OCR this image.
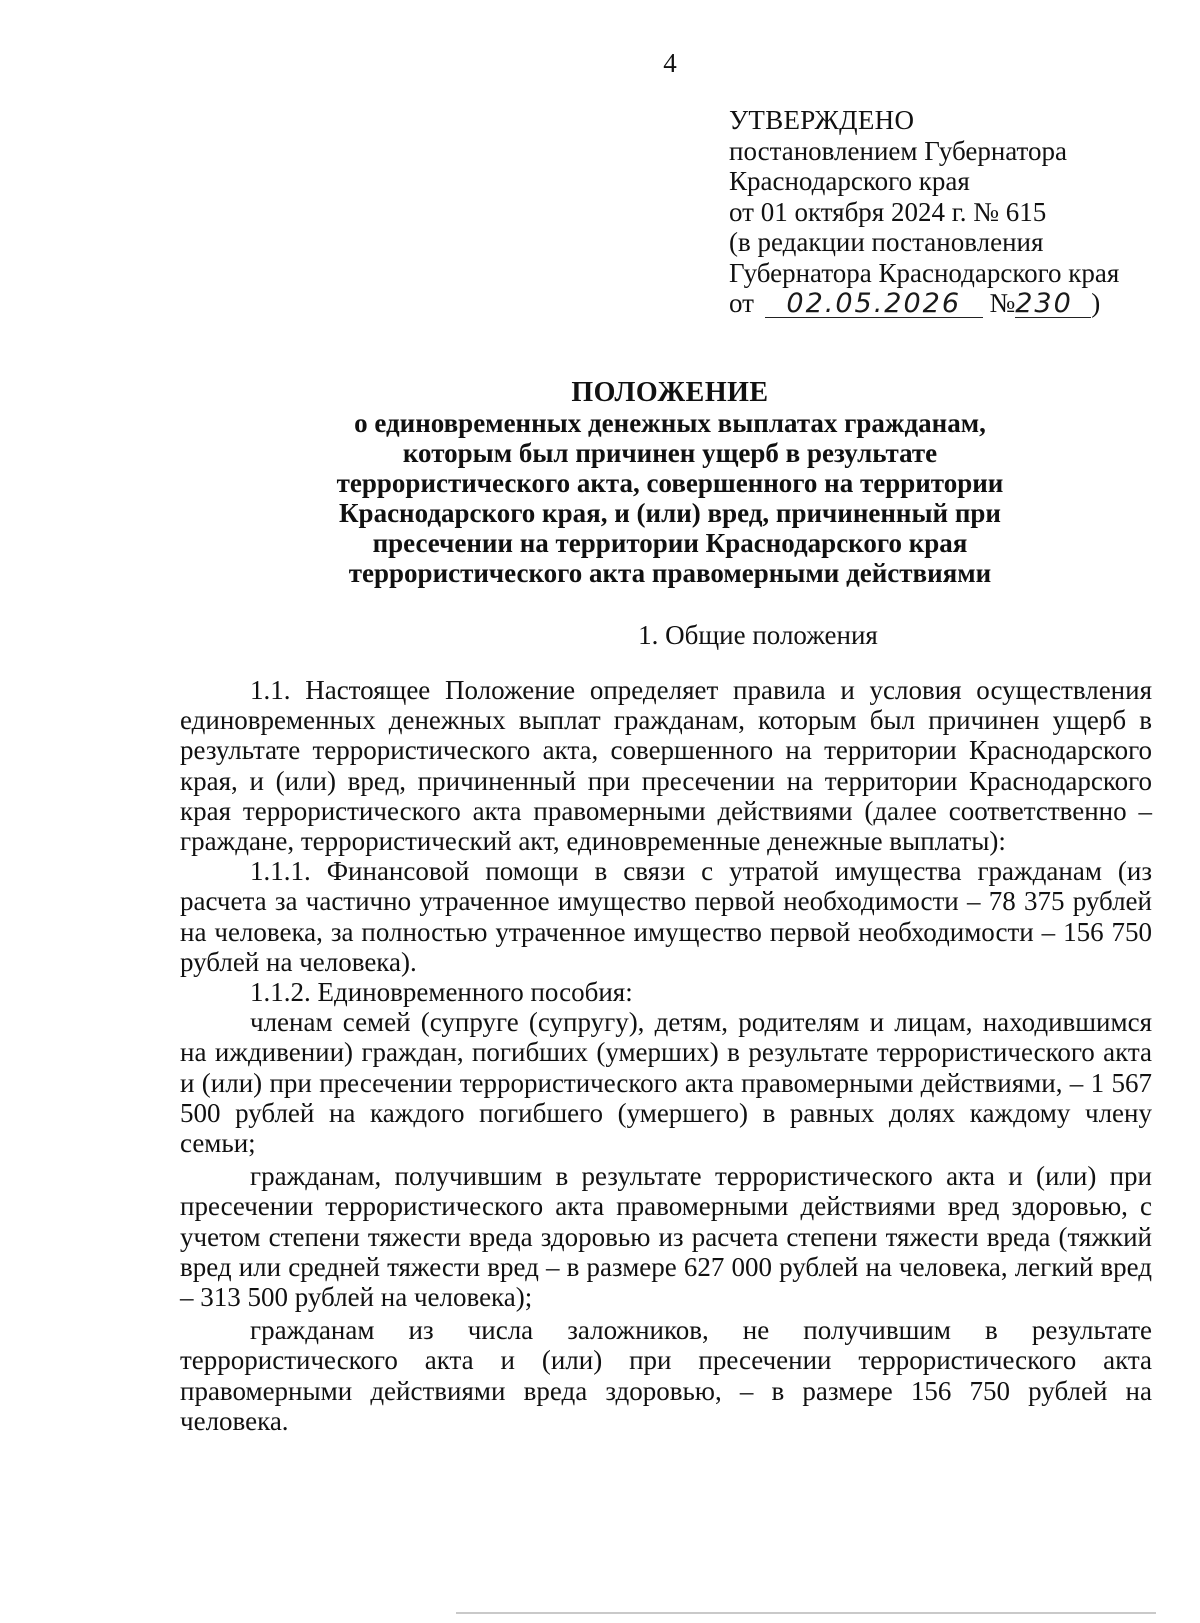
4
УТВЕРЖДЕНО
постановлением Губернатора
Краснодарского края
от 01 октября 2024 г. № 615
(в редакции постановления
Губернатора Краснодарского края
от 02.05.2026 №230 )
ПОЛОЖЕНИЕ
о единовременных денежных выплатах гражданам,
которым был причинен ущерб в результате
террористического акта, совершенного на территории
Краснодарского края, и (или) вред, причиненный при
пресечении на территории Краснодарского края
террористического акта правомерными действиями
1. Общие положения

1.1. Настоящее Положение определяет правила и условия осуществления единовременных денежных выплат гражданам, которым был причинен ущерб в результате террористического акта, совершенного на территории Краснодарского края, и (или) вред, причиненный при пресечении на территории Краснодарского края террористического акта правомерными действиями (далее соответственно – граждане, террористический акт, единовременные денежные выплаты):

1.1.1. Финансовой помощи в связи с утратой имущества гражданам (из расчета за частично утраченное имущество первой необходимости – 78 375 рублей на человека, за полностью утраченное имущество первой необходимости – 156 750 рублей на человека).

1.1.2. Единовременного пособия:

членам семей (супруге (супругу), детям, родителям и лицам, находившимся на иждивении) граждан, погибших (умерших) в результате террористического акта и (или) при пресечении террористического акта правомерными действиями, – 1 567 500 рублей на каждого погибшего (умершего) в равных долях каждому члену семьи;

гражданам, получившим в результате террористического акта и (или) при пресечении террористического акта правомерными действиями вред здоровью, с учетом степени тяжести вреда здоровью из расчета степени тяжести вреда (тяжкий вред или средней тяжести вред – в размере 627 000 рублей на человека, легкий вред – 313 500 рублей на человека);

гражданам из числа заложников, не получившим в результате террористического акта и (или) при пресечении террористического акта правомерными действиями вреда здоровью, – в размере 156 750 рублей на человека.
